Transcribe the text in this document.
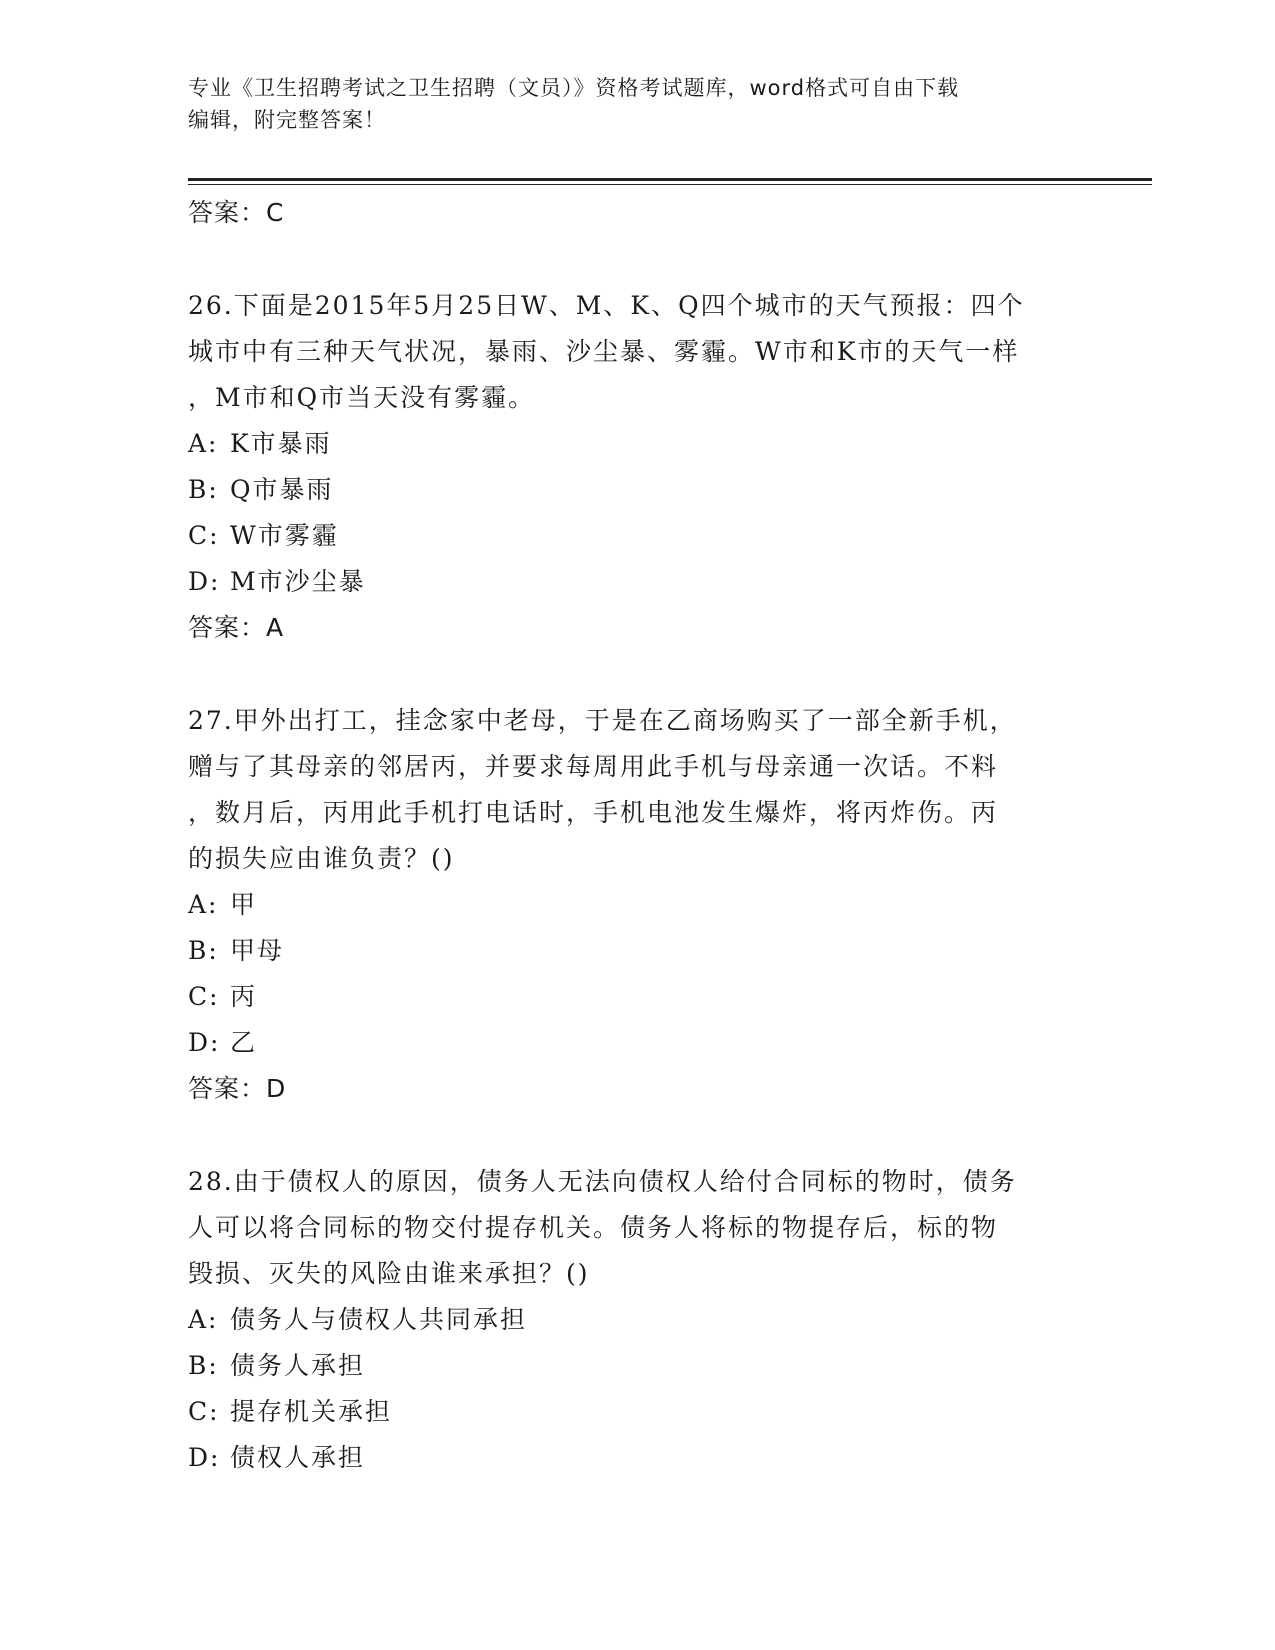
专业《卫生招聘考试之卫生招聘（文员）》资格考试题库，word格式可自由下载
编辑，附完整答案！
答案：C
26.下面是2015年5月25日W、M、K、Q四个城市的天气预报：四个
城市中有三种天气状况，暴雨、沙尘暴、雾霾。W市和K市的天气一样
，M市和Q市当天没有雾霾。
A: K市暴雨
B: Q市暴雨
C: W市雾霾
D: M市沙尘暴
答案：A
27.甲外出打工，挂念家中老母，于是在乙商场购买了一部全新手机，
赠与了其母亲的邻居丙，并要求每周用此手机与母亲通一次话。不料
，数月后，丙用此手机打电话时，手机电池发生爆炸，将丙炸伤。丙
的损失应由谁负责？()
A: 甲
B: 甲母
C: 丙
D: 乙
答案：D
28.由于债权人的原因，债务人无法向债权人给付合同标的物时，债务
人可以将合同标的物交付提存机关。债务人将标的物提存后，标的物
毁损、灭失的风险由谁来承担？()
A: 债务人与债权人共同承担
B: 债务人承担
C: 提存机关承担
D: 债权人承担
